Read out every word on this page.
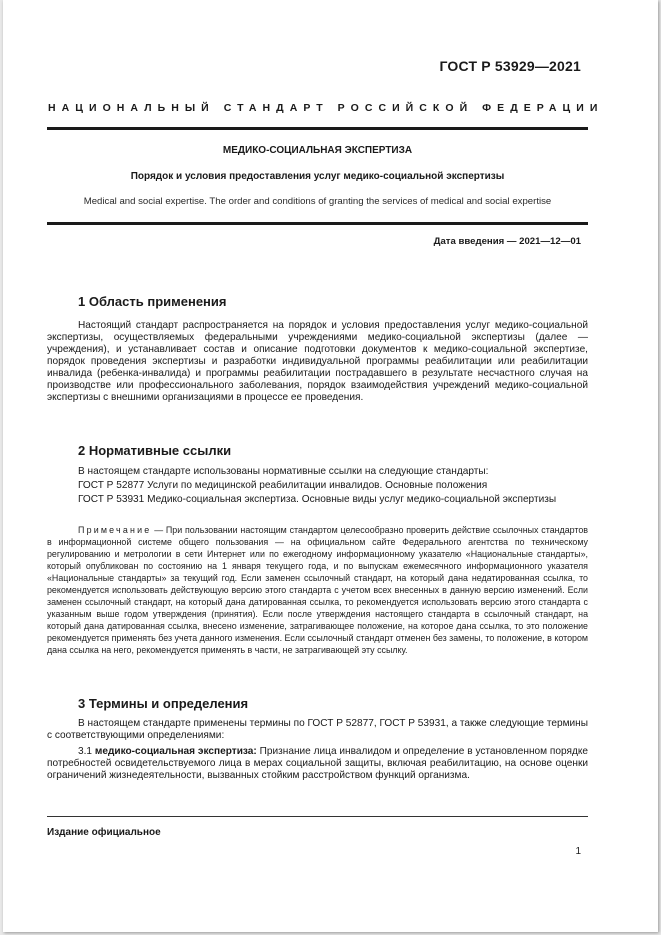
ГОСТ Р 53929—2021
НАЦИОНАЛЬНЫЙ СТАНДАРТ РОССИЙСКОЙ ФЕДЕРАЦИИ
МЕДИКО-СОЦИАЛЬНАЯ ЭКСПЕРТИЗА
Порядок и условия предоставления услуг медико-социальной экспертизы
Medical and social expertise. The order and conditions of granting the services of medical and social expertise
Дата введения — 2021—12—01
1 Область применения
Настоящий стандарт распространяется на порядок и условия предоставления услуг медико-социальной экспертизы, осуществляемых федеральными учреждениями медико-социальной экспертизы (далее — учреждения), и устанавливает состав и описание подготовки документов к медико-социальной экспертизе, порядок проведения экспертизы и разработки индивидуальной программы реабилитации или реабилитации инвалида (ребенка-инвалида) и программы реабилитации пострадавшего в результате несчастного случая на производстве или профессионального заболевания, порядок взаимодействия учреждений медико-социальной экспертизы с внешними организациями в процессе ее проведения.
2 Нормативные ссылки
В настоящем стандарте использованы нормативные ссылки на следующие стандарты:
ГОСТ Р 52877 Услуги по медицинской реабилитации инвалидов. Основные положения
ГОСТ Р 53931 Медико-социальная экспертиза. Основные виды услуг медико-социальной экспертизы
Примечание — При пользовании настоящим стандартом целесообразно проверить действие ссылочных стандартов в информационной системе общего пользования — на официальном сайте Федерального агентства по техническому регулированию и метрологии в сети Интернет или по ежегодному информационному указателю «Национальные стандарты», который опубликован по состоянию на 1 января текущего года, и по выпускам ежемесячного информационного указателя «Национальные стандарты» за текущий год. Если заменен ссылочный стандарт, на который дана недатированная ссылка, то рекомендуется использовать действующую версию этого стандарта с учетом всех внесенных в данную версию изменений. Если заменен ссылочный стандарт, на который дана датированная ссылка, то рекомендуется использовать версию этого стандарта с указанным выше годом утверждения (принятия). Если после утверждения настоящего стандарта в ссылочный стандарт, на который дана датированная ссылка, внесено изменение, затрагивающее положение, на которое дана ссылка, то это положение рекомендуется применять без учета данного изменения. Если ссылочный стандарт отменен без замены, то положение, в котором дана ссылка на него, рекомендуется применять в части, не затрагивающей эту ссылку.
3 Термины и определения
В настоящем стандарте применены термины по ГОСТ Р 52877, ГОСТ Р 53931, а также следующие термины с соответствующими определениями:
3.1 медико-социальная экспертиза: Признание лица инвалидом и определение в установленном порядке потребностей освидетельствуемого лица в мерах социальной защиты, включая реабилитацию, на основе оценки ограничений жизнедеятельности, вызванных стойким расстройством функций организма.
Издание официальное
1
